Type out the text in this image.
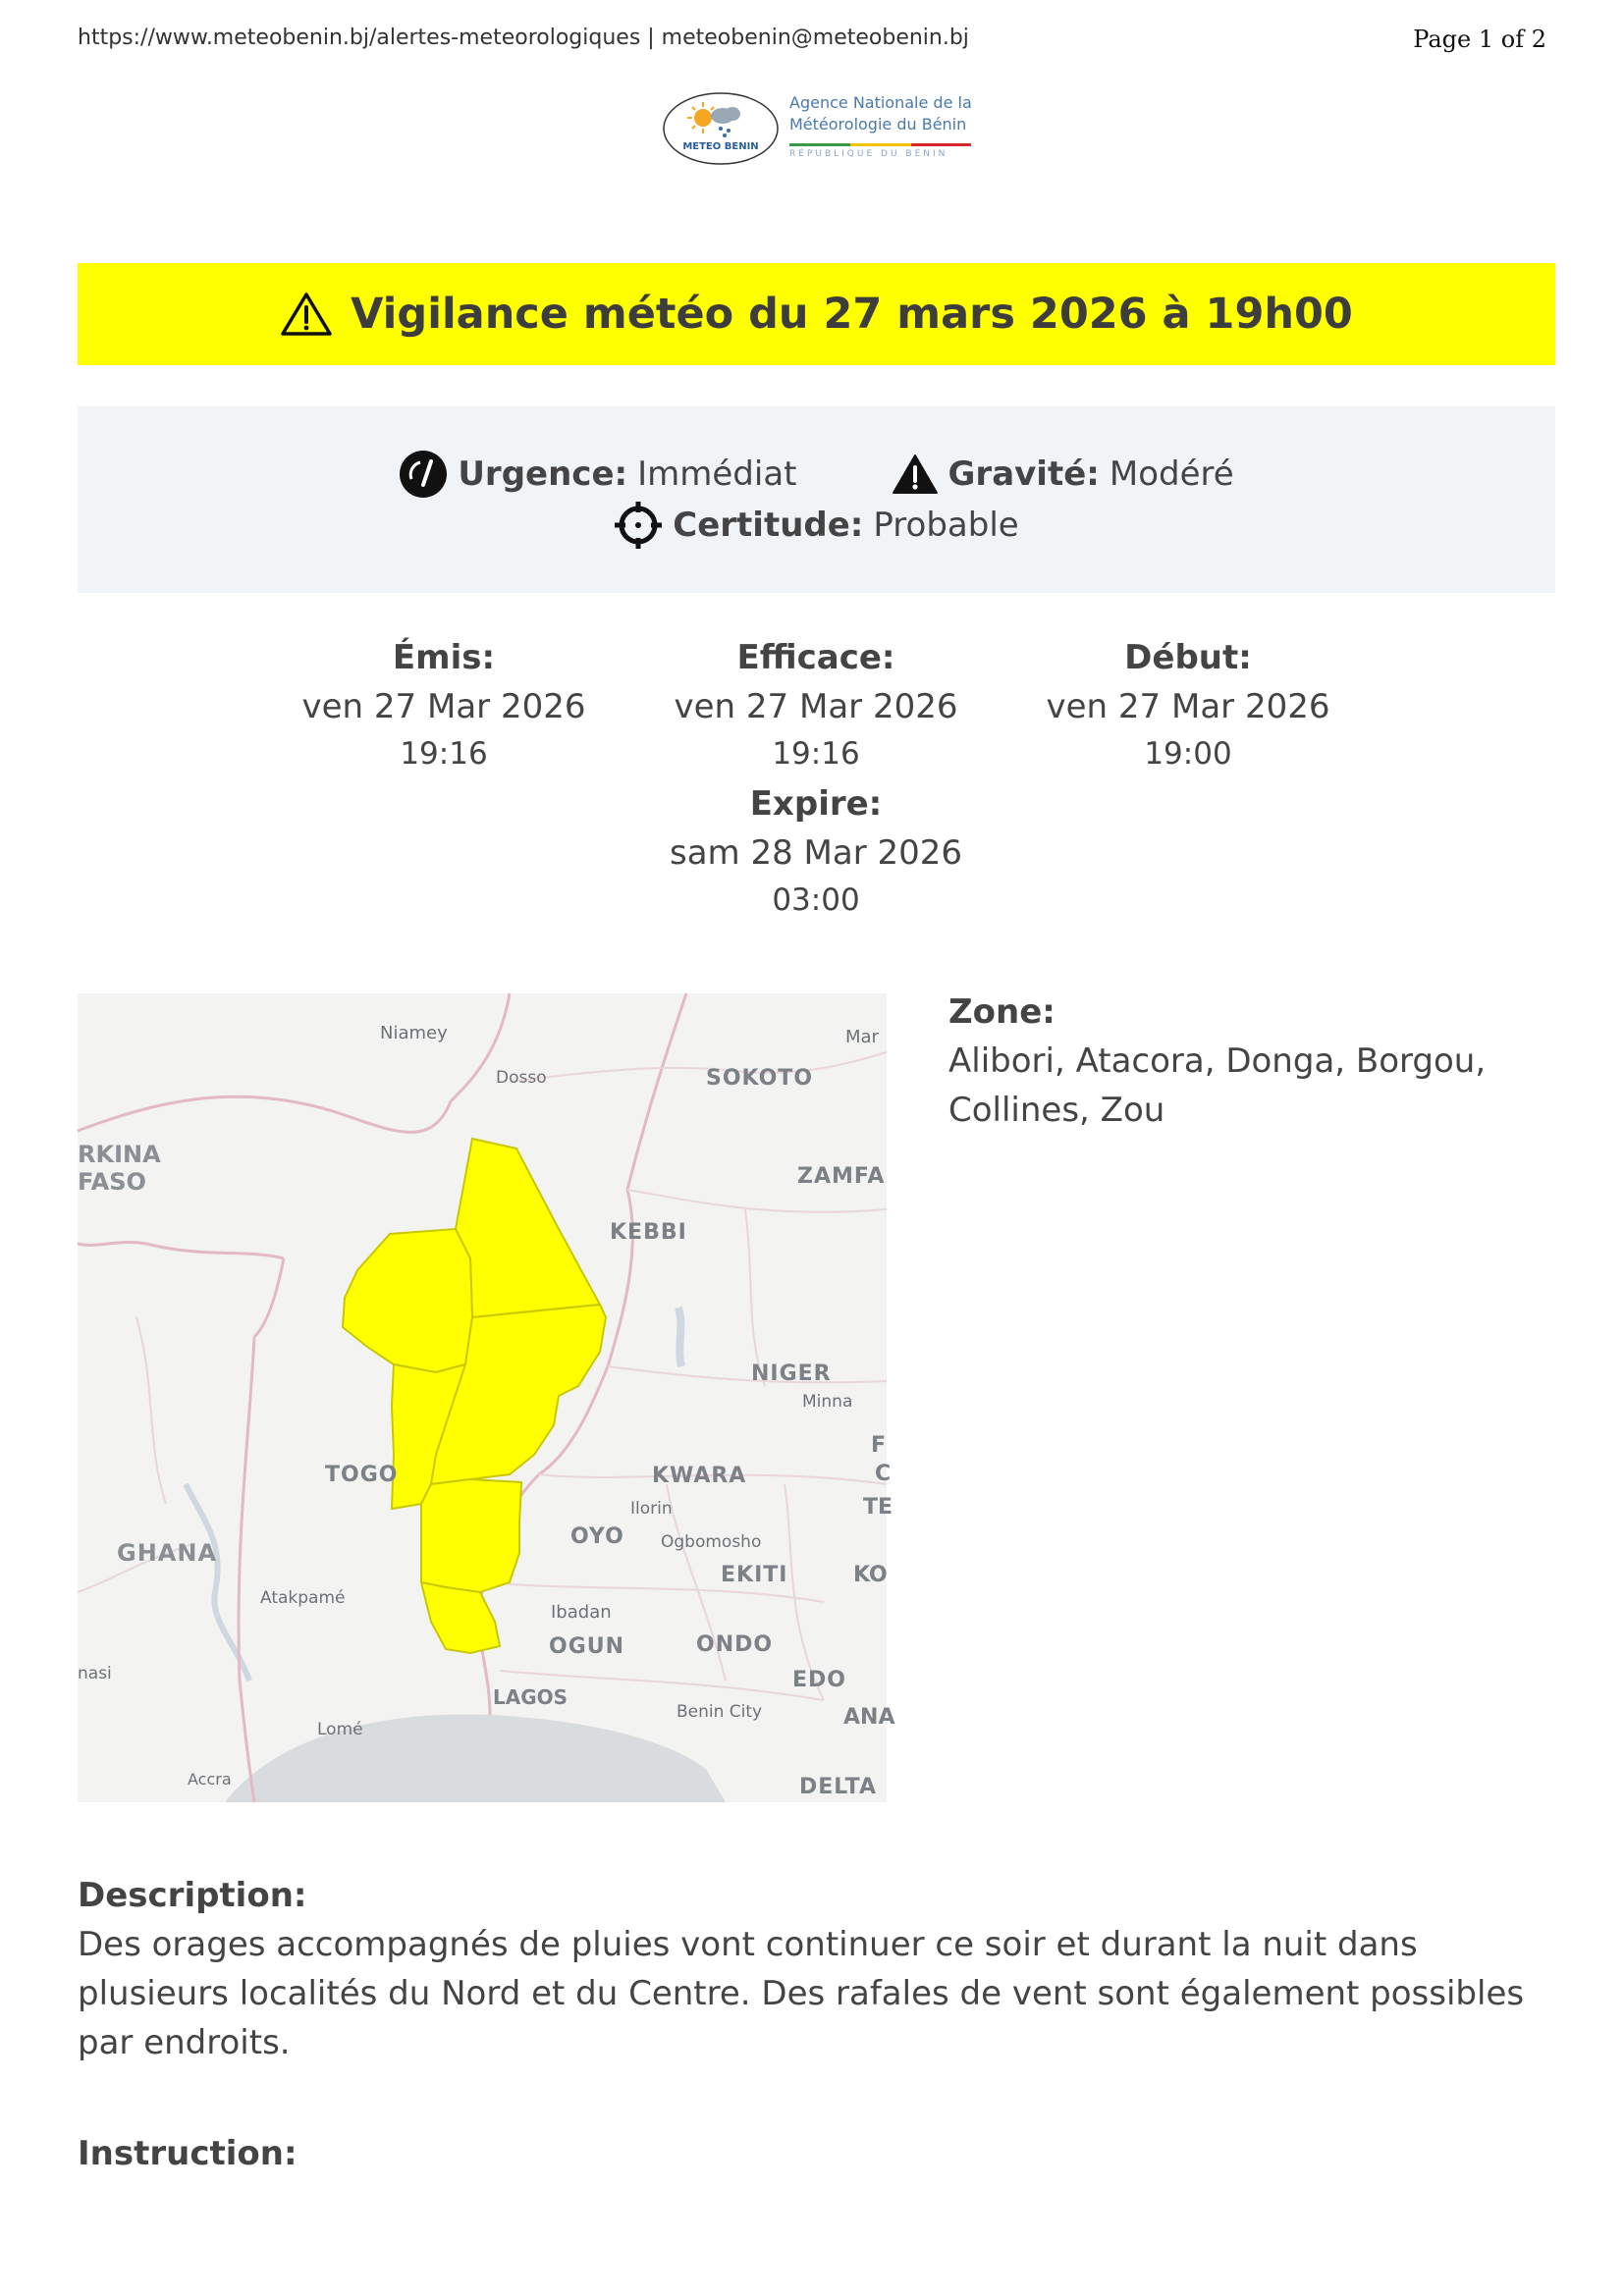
https://www.meteobenin.bj/alertes-meteorologiques | meteobenin@meteobenin.bj	Page 1 of 2
METEO BENIN
Agence Nationale de la
Météorologie du Bénin
RÉPUBLIQUE DU BÉNIN
Vigilance météo du 27 mars 2026 à 19h00
Urgence: Immédiat	Gravité: Modéré
Certitude: Probable
Émis:
ven 27 Mar 2026
19:16
Efficace:
ven 27 Mar 2026
19:16
Début:
ven 27 Mar 2026
19:00
Expire:
sam 28 Mar 2026
03:00
Niamey
Dosso	SOKOTO
Mar
RKINA
FASO	ZAMFA
KEBBI
NIGER
Minna
TOGO	KWARA
Ilorin
OYO Ogbomosho
EKITI
GHANA
Atakpamé
Ibadan
OGUN	ONDO
EDO
nasi
LAGOS
Benin City
Lomé
Accra	DELTA
ANA
KO
F
C
TE
Zone:
Alibori, Atacora, Donga, Borgou, Collines, Zou
Description:
Des orages accompagnés de pluies vont continuer ce soir et durant la nuit dans plusieurs localités du Nord et du Centre. Des rafales de vent sont également possibles par endroits.
Instruction:
